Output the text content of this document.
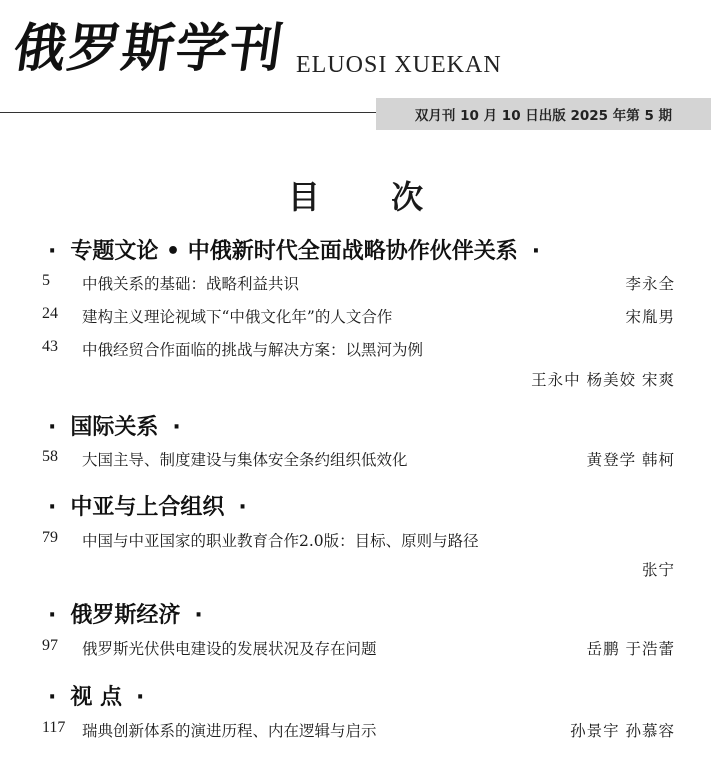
俄罗斯学刊 ELUOSI XUEKAN
双月刊 10 月 10 日出版 2025 年第 5 期
目 次
· 专题文论 • 中俄新时代全面战略协作伙伴关系 ·
5 中俄关系的基础：战略利益共识	李永全
24 建构主义理论视域下“中俄文化年”的人文合作	宋胤男
43 中俄经贸合作面临的挑战与解决方案：以黑河为例
王永中 杨美姣 宋爽
· 国际关系 ·
58 大国主导、制度建设与集体安全条约组织低效化	黄登学 韩柯
· 中亚与上合组织 ·
79 中国与中亚国家的职业教育合作2.0版：目标、原则与路径
张宁
· 俄罗斯经济 ·
97 俄罗斯光伏供电建设的发展状况及存在问题	岳鹏 于浩蕾
· 视 点 ·
117 瑞典创新体系的演进历程、内在逻辑与启示	孙景宇 孙慕容
